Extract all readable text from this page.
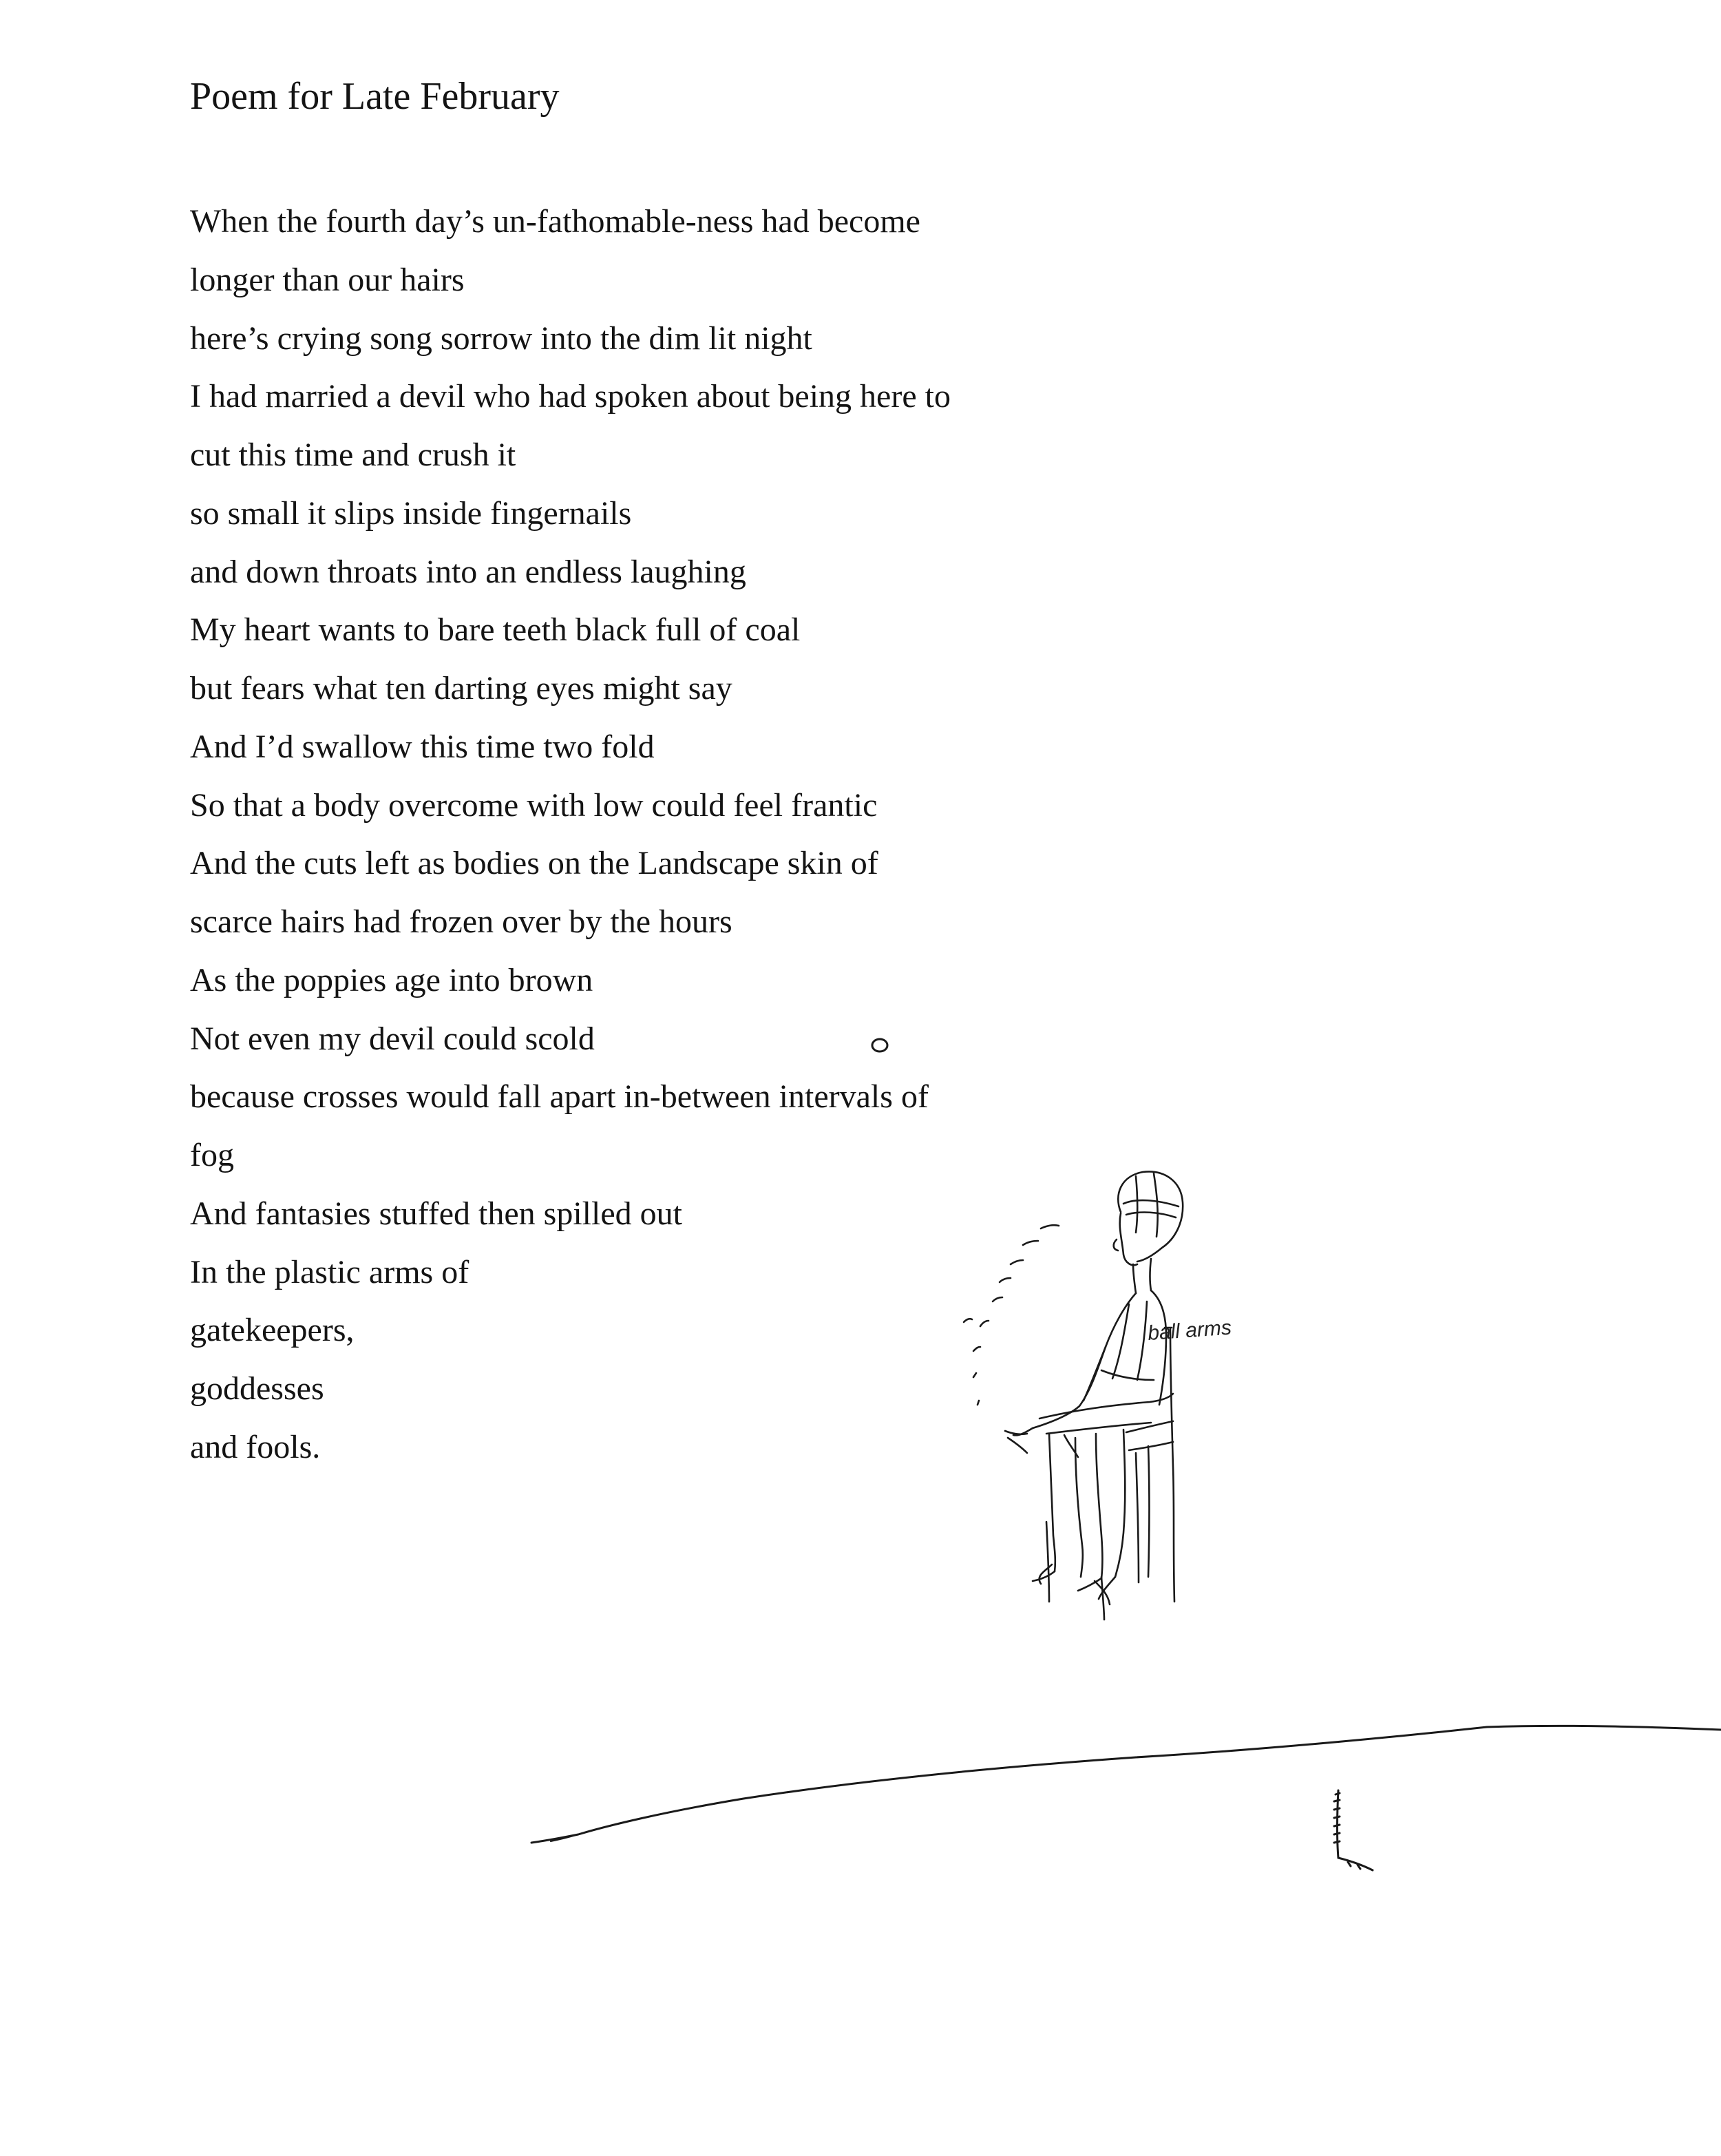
Poem for Late February
When the fourth day’s un-fathomable-ness had become
longer than our hairs
here’s crying song sorrow into the dim lit night
I had married a devil who had spoken about being here to
cut this time and crush it
so small it slips inside fingernails
and down throats into an endless laughing
My heart wants to bare teeth black full of coal
but fears what ten darting eyes might say
And I’d swallow this time two fold
So that a body overcome with low could feel frantic
And the cuts left as bodies on the Landscape skin of
scarce hairs had frozen over by the hours
As the poppies age into brown
Not even my devil could scold
because crosses would fall apart in-between intervals of
fog
And fantasies stuffed then spilled out
In the plastic arms of
gatekeepers,
goddesses
and fools.
ball arms
